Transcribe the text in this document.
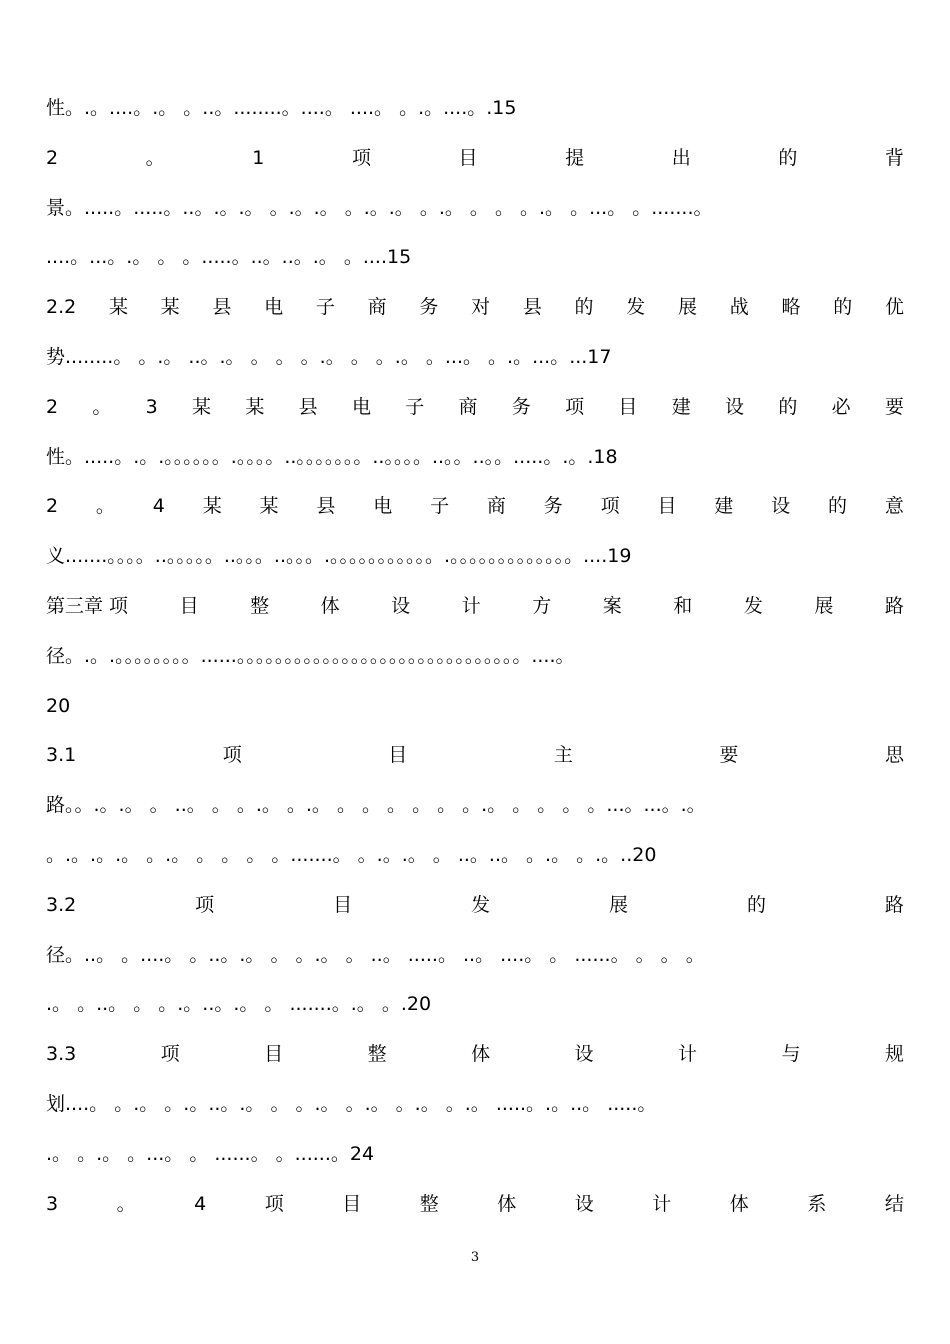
性。.。....。.。 。..。........。....。 ....。 。.。....。.15
2	。	1	项	目	提	出	的	背
景。.....。.....。..。.。.。 。.。.。 。.。.。 。.。 。 。 。.。 。...。 。.......。
....。...。.。 。 。.....。..。..。.。 。....15
2.2 某 某 县 电 子 商 务 对 县 的 发 展 战 略 的 优
势........。 。.。 ..。.。 。 。 。.。 。 。.。 。...。 。.。...。...17
2 。 3 某 某 县 电 子 商 务 项 目 建 设 的 必 要
性。.....。.。.。。。。。。.。。。。..。。。。。。。..。。。。..。。..。。.....。.。.18
2 。 4 某 某 县 电 子 商 务 项 目 建 设 的 意
义.......。。。。..。。。。。..。。。..。。。.。。。。。。。。。。。.。。。。。。。。。。。。。....19
第三章 项	目	整	体	设	计	方	案	和	发	展	路
径。.。.。。。。。。。。......。。。。。。。。。。。。。。。。。。。。。。。。。。。。。。....。
20
3.1	项	目	主	要	思
路。。.。.。 。 ..。 。 。.。 。.。 。 。 。 。 。 。.。 。 。 。 。...。...。.。
。.。.。.。 。.。 。 。 。 。.......。 。.。.。 。 ..。..。 。.。 。.。..20
3.2	项	目	发	展	的	路
径。..。 。....。 。..。.。 。 。.。 。 ..。 .....。 ..。 ....。 。 ......。 。 。 。
.。 。..。 。 。.。..。.。 。 .......。.。 。.20
3.3	项	目	整	体	设	计	与	规
划....。 。.。 。.。..。.。 。 。.。 。.。 。.。 。.。 .....。.。..。 .....。
.。 。.。 。...。 。 ......。 。......。24
3	。	4	项	目	整	体	设	计	体	系	结
3
